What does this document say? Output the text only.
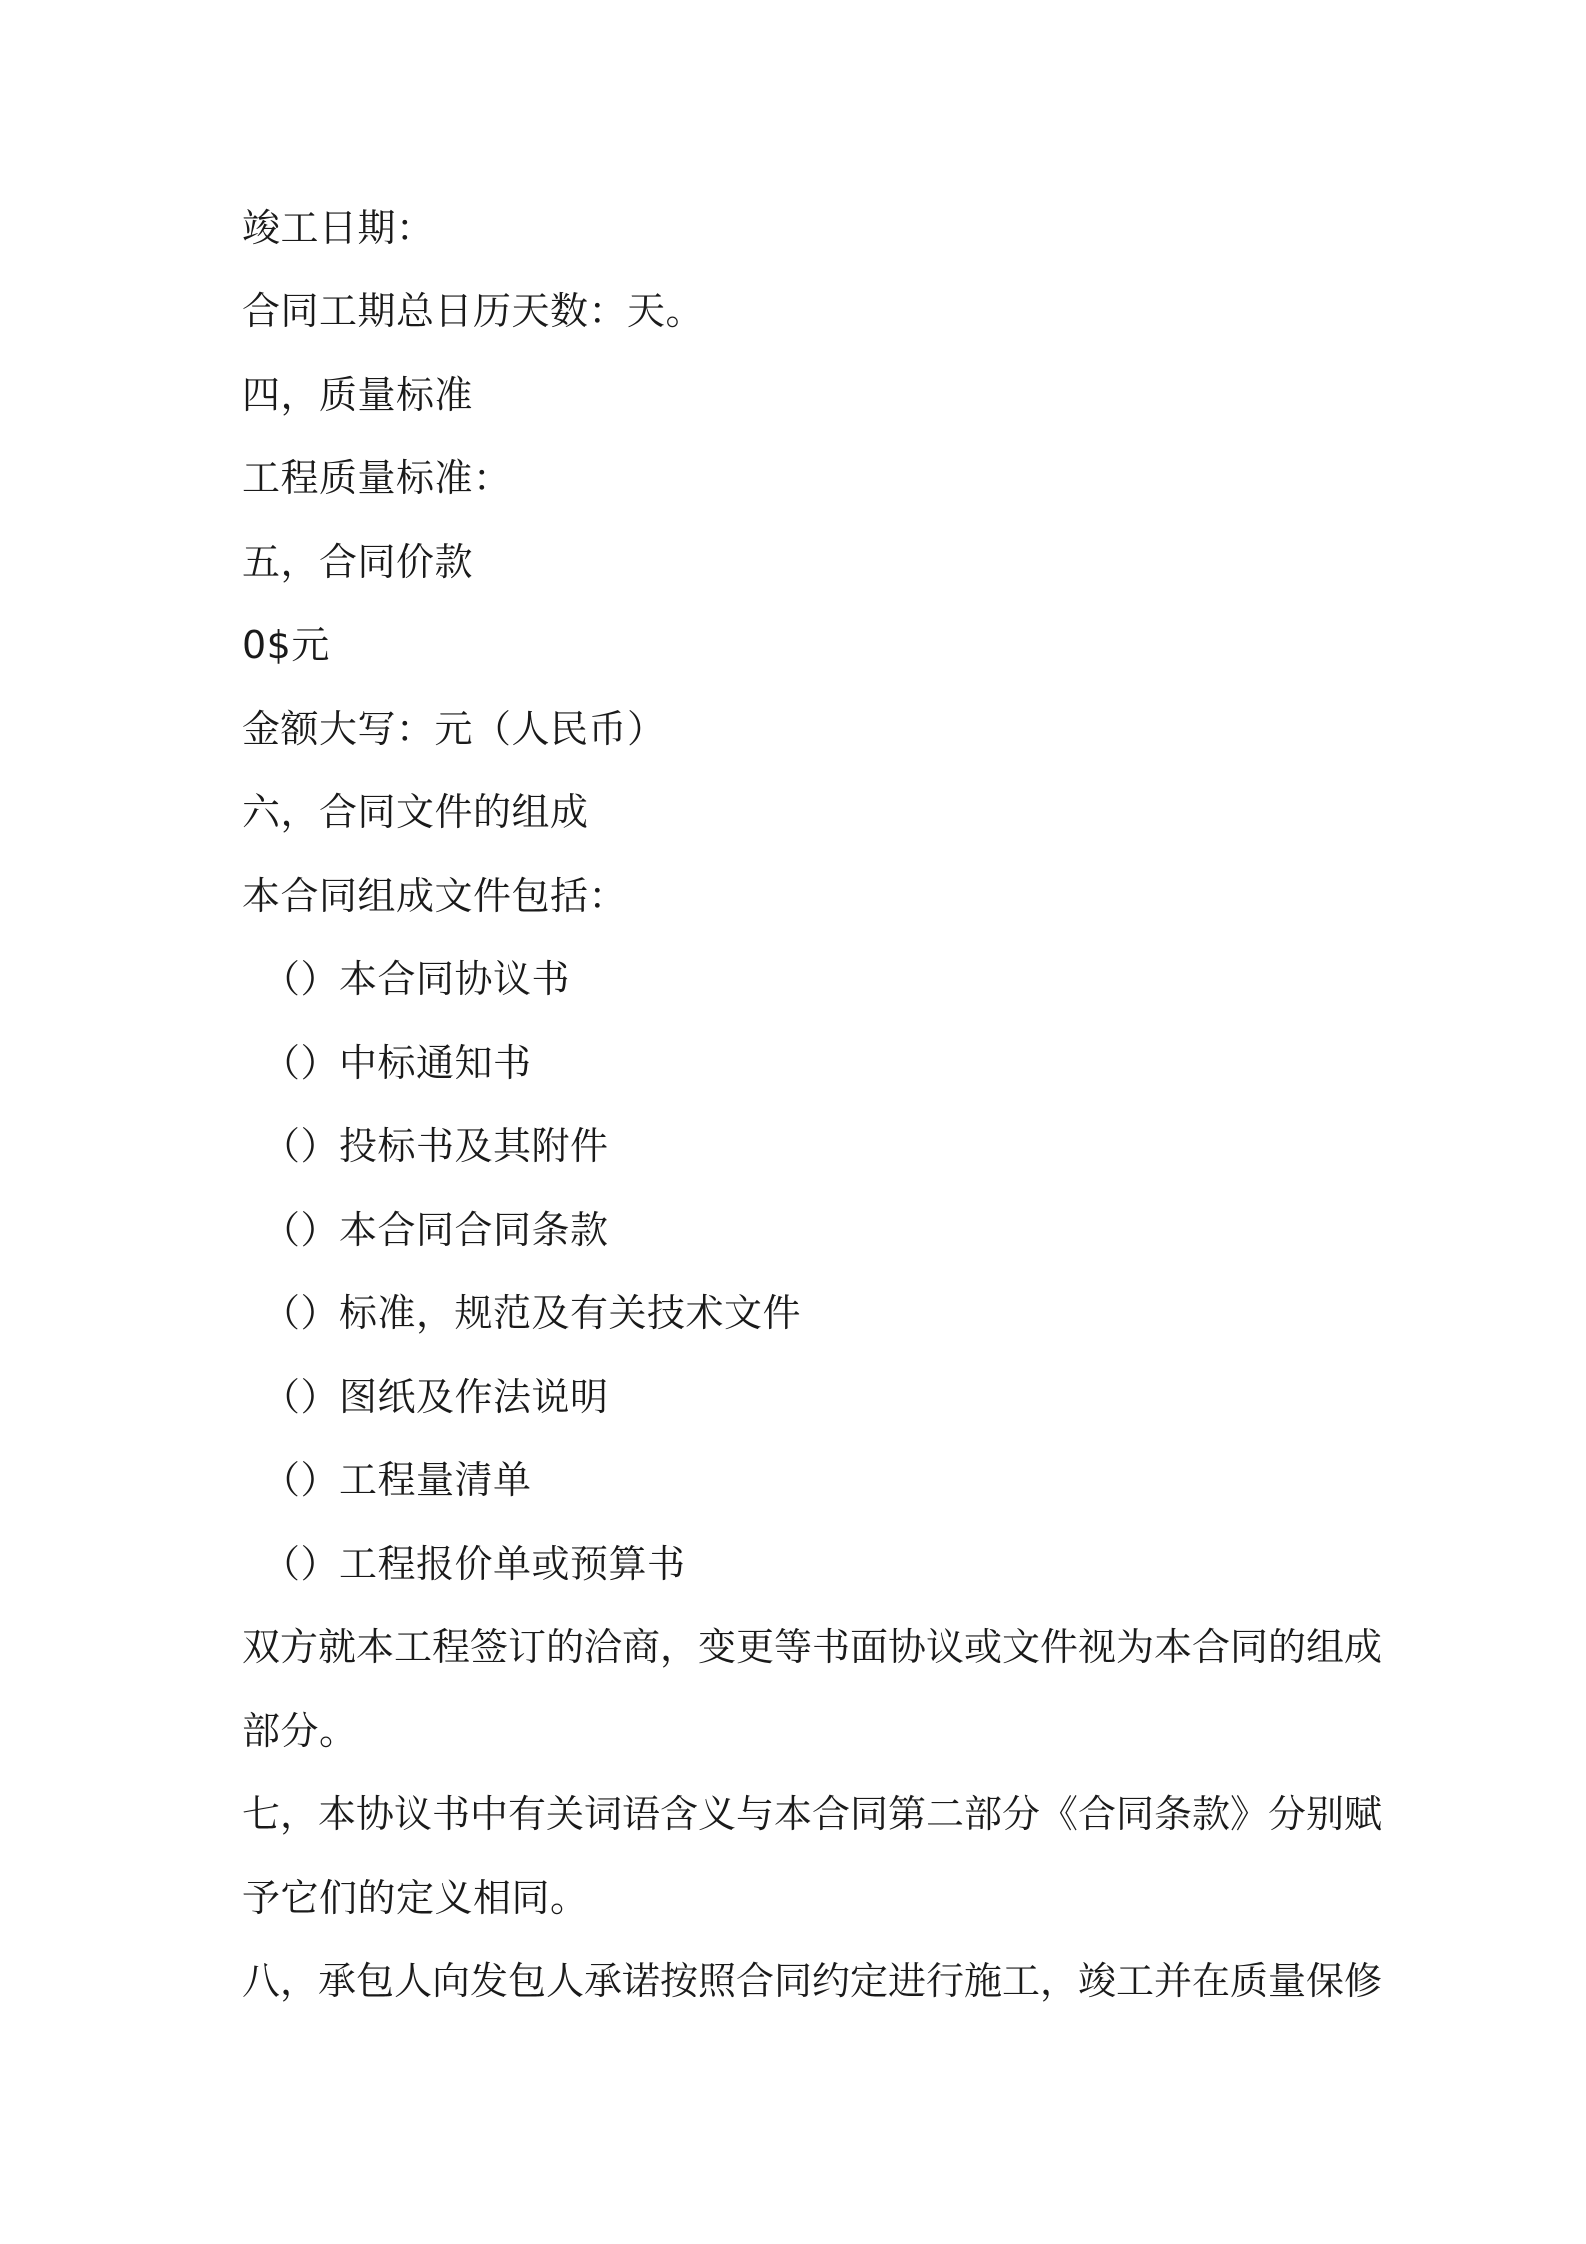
竣工日期：
合同工期总日历天数：天。
四，质量标准
工程质量标准：
五，合同价款
0$元
金额大写：元（人民币）
六，合同文件的组成
本合同组成文件包括：
（）本合同协议书
（）中标通知书
（）投标书及其附件
（）本合同合同条款
（）标准，规范及有关技术文件
（）图纸及作法说明
（）工程量清单
（）工程报价单或预算书
双方就本工程签订的洽商，变更等书面协议或文件视为本合同的组成
部分。
七，本协议书中有关词语含义与本合同第二部分《合同条款》分别赋
予它们的定义相同。
八，承包人向发包人承诺按照合同约定进行施工，竣工并在质量保修
